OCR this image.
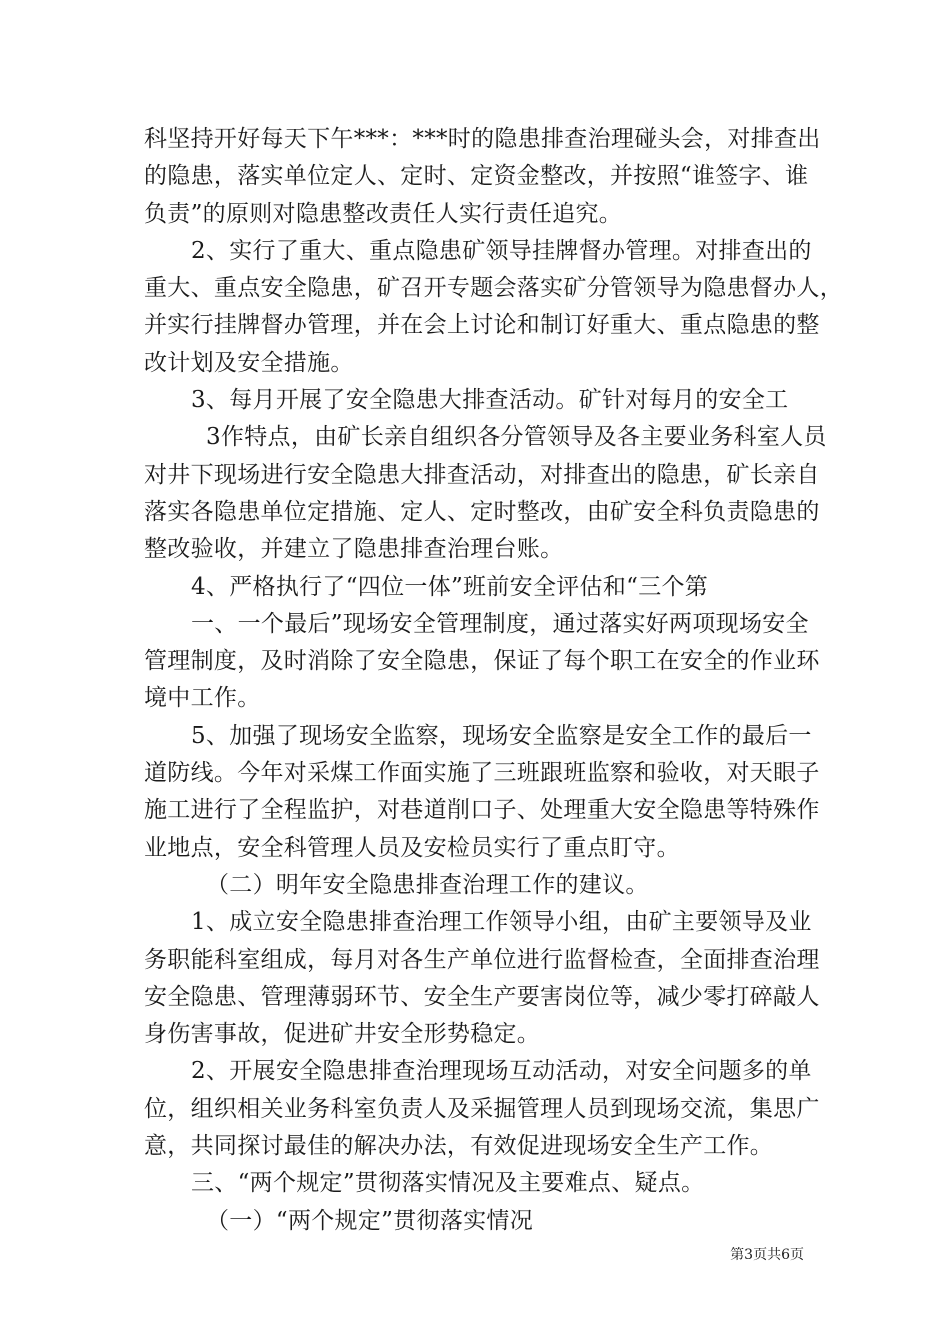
科坚持开好每天下午***：***时的隐患排查治理碰头会，对排查出
的隐患，落实单位定人、定时、定资金整改，并按照“谁签字、谁
负责”的原则对隐患整改责任人实行责任追究。
2、实行了重大、重点隐患矿领导挂牌督办管理。对排查出的
重大、重点安全隐患，矿召开专题会落实矿分管领导为隐患督办人，
并实行挂牌督办管理，并在会上讨论和制订好重大、重点隐患的整
改计划及安全措施。
3、每月开展了安全隐患大排查活动。矿针对每月的安全工
3作特点，由矿长亲自组织各分管领导及各主要业务科室人员
对井下现场进行安全隐患大排查活动，对排查出的隐患，矿长亲自
落实各隐患单位定措施、定人、定时整改，由矿安全科负责隐患的
整改验收，并建立了隐患排查治理台账。
4、严格执行了“四位一体”班前安全评估和“三个第
一、一个最后”现场安全管理制度，通过落实好两项现场安全
管理制度，及时消除了安全隐患，保证了每个职工在安全的作业环
境中工作。
5、加强了现场安全监察，现场安全监察是安全工作的最后一
道防线。今年对采煤工作面实施了三班跟班监察和验收，对天眼子
施工进行了全程监护，对巷道削口子、处理重大安全隐患等特殊作
业地点，安全科管理人员及安检员实行了重点盯守。
（二）明年安全隐患排查治理工作的建议。
1、成立安全隐患排查治理工作领导小组，由矿主要领导及业
务职能科室组成，每月对各生产单位进行监督检查，全面排查治理
安全隐患、管理薄弱环节、安全生产要害岗位等，减少零打碎敲人
身伤害事故，促进矿井安全形势稳定。
2、开展安全隐患排查治理现场互动活动，对安全问题多的单
位，组织相关业务科室负责人及采掘管理人员到现场交流，集思广
意，共同探讨最佳的解决办法，有效促进现场安全生产工作。
三、“两个规定”贯彻落实情况及主要难点、疑点。
（一）“两个规定”贯彻落实情况
第3页共6页
